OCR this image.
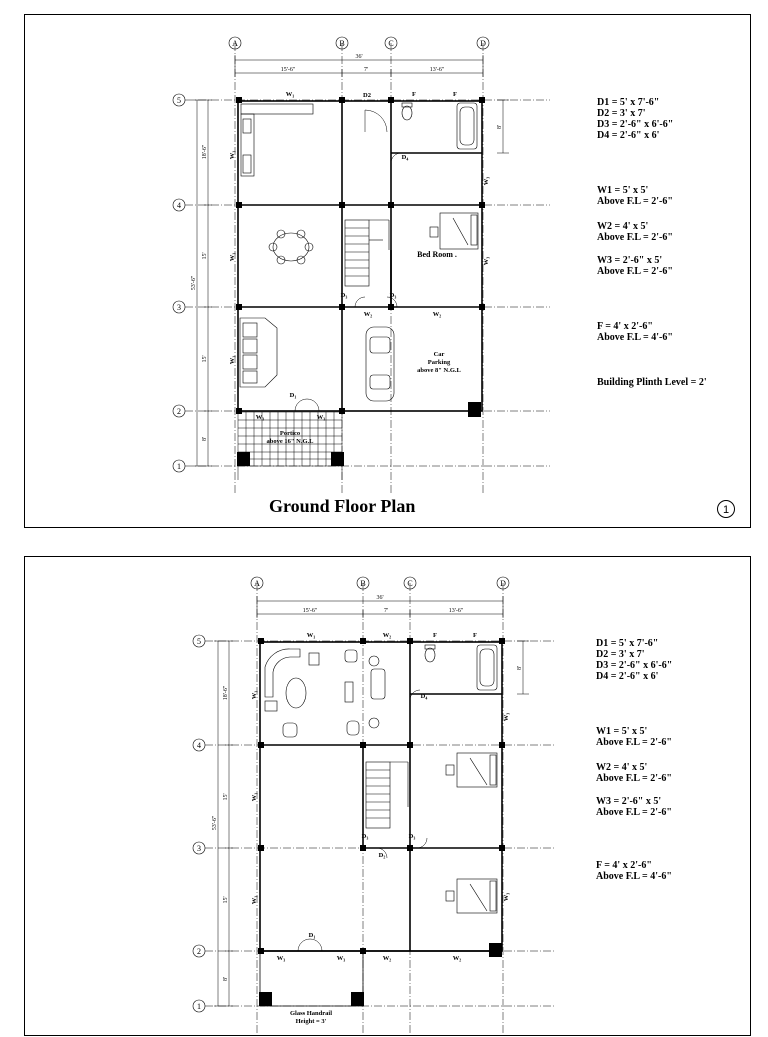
A	B	C	D
5
4
3
2
1
36'
15'-6"	7'	13'-6"
53'-6"
18'-6"
15'
15'
8'
8'
W₁	D2	F	F
W₁
W₁
W₁
D₄
Bed Room .
W₃
W₃
D₃	D₃
W₂	W₂
Car
Parking
above 8" N.G.L
D₁
W₃	W₃
Portico
above 16" N.G.L
D1 = 5' x 7'-6"
D2 = 3' x 7'
D3 = 2'-6" x 6'-6"
D4 = 2'-6" x 6'
W1 = 5' x 5'
Above F.L = 2'-6"
W2 = 4' x 5'
Above F.L = 2'-6"
W3 = 2'-6" x 5'
Above F.L = 2'-6"
F = 4' x 2'-6"
Above F.L = 4'-6"
Building Plinth Level = 2'
Ground Floor Plan	1
A	B	C	D
5
4
3
2
1
36'
15'-6"	7'	13'-6"
53'-6"
18'-6"
15'
15'
8'
8'
W₁	W₂	F	F
W₁
W₁
W₁
D₄
W₃
W₃
D₃	D₃
D₂
D₁
W₃	W₃	W₂	W₂
Glass Handrail
Height = 3'
D1 = 5' x 7'-6"
D2 = 3' x 7'
D3 = 2'-6" x 6'-6"
D4 = 2'-6" x 6'
W1 = 5' x 5'
Above F.L = 2'-6"
W2 = 4' x 5'
Above F.L = 2'-6"
W3 = 2'-6" x 5'
Above F.L = 2'-6"
F = 4' x 2'-6"
Above F.L = 4'-6"
